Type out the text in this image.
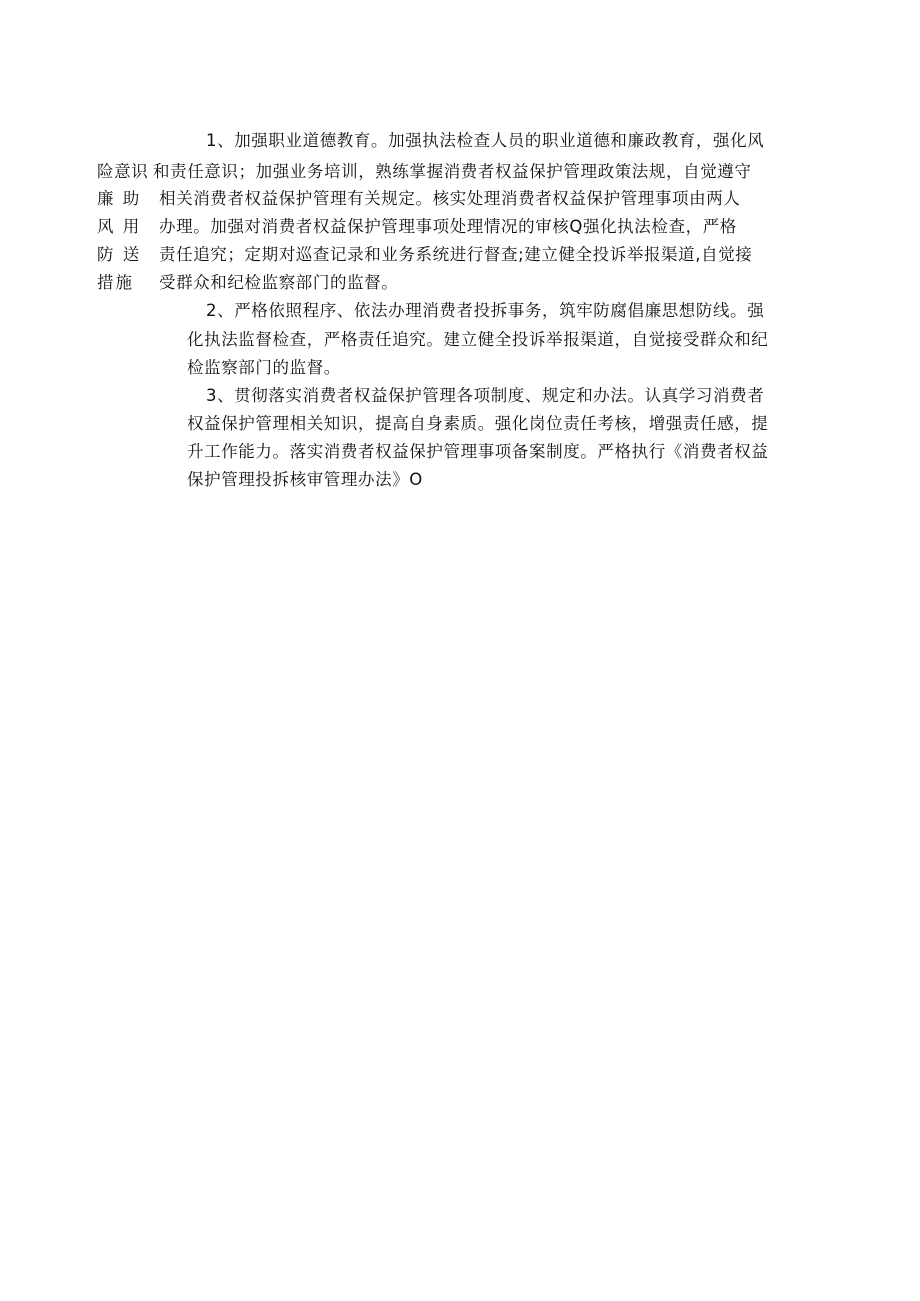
1、加强职业道德教育。加强执法检查人员的职业道德和廉政教育，强化风
险意识 和责任意识；加强业务培训，熟练掌握消费者权益保护管理政策法规，自觉遵守
廉 助	相关消费者权益保护管理有关规定。核实处理消费者权益保护管理事项由两人
风 用	办理。加强对消费者权益保护管理事项处理情况的审核Q强化执法检查，严格
防 送	责任追究；定期对巡查记录和业务系统进行督查;建立健全投诉举报渠道,自觉接
措施	受群众和纪检监察部门的监督。
2、严格依照程序、依法办理消费者投拆事务，筑牢防腐倡廉思想防线。强
化执法监督检查，严格责任追究。建立健全投诉举报渠道，自觉接受群众和纪
检监察部门的监督。
3、贯彻落实消费者权益保护管理各项制度、规定和办法。认真学习消费者
权益保护管理相关知识，提高自身素质。强化岗位责任考核，增强责任感，提
升工作能力。落实消费者权益保护管理事项备案制度。严格执行《消费者权益
保护管理投拆核审管理办法》O
